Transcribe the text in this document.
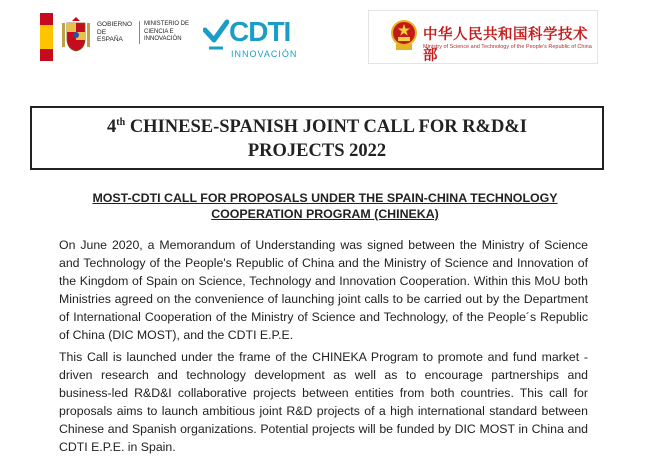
GOBIERNO DE ESPAÑA
MINISTERIO DE CIENCIA E INNOVACIÓN	CDTI
INNOVACIÓN
中华人民共和国科学技术部
Ministry of Science and Technology of the People's Republic of China
4th CHINESE-SPANISH JOINT CALL FOR R&D&I
PROJECTS 2022
MOST-CDTI CALL FOR PROPOSALS UNDER THE SPAIN-CHINA TECHNOLOGY
COOPERATION PROGRAM (CHINEKA)

On June 2020, a Memorandum of Understanding was signed between the Ministry of Science and Technology of the People's Republic of China and the Ministry of Science and Innovation of the Kingdom of Spain on Science, Technology and Innovation Cooperation. Within this MoU both Ministries agreed on the convenience of launching joint calls to be carried out by the Department of International Cooperation of the Ministry of Science and Technology, of the People´s Republic of China (DIC MOST), and the CDTI E.P.E.

This Call is launched under the frame of the CHINEKA Program to promote and fund market - driven research and technology development as well as to encourage partnerships and business-led R&D&I collaborative projects between entities from both countries. This call for proposals aims to launch ambitious joint R&D projects of a high international standard between Chinese and Spanish organizations. Potential projects will be funded by DIC MOST in China and CDTI E.P.E. in Spain.
